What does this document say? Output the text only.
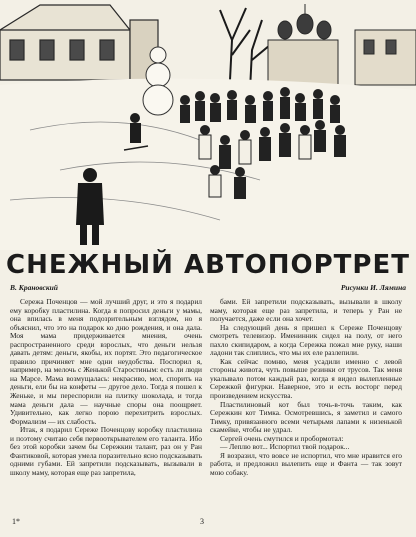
СНЕЖНЫЙ АВТОПОРТРЕТ
В. Крановский	Рисунки И. Лямина

Сережа Поченцов — мой лучший друг, и это я подарил ему коробку пластилина. Когда я попросил деньги у мамы, она впилась в меня подозрительным взглядом, но я объяснил, что это на подарок ко дню рождения, и она дала. Моя мама придерживается мнения, очень распространенного среди взрослых, что деньги нельзя давать детям: деньги, якобы, их портят. Это педагогическое правило причиняет мне одни неудобства. Поспорил я, например, на мелочь с Женькой Старостиным: есть ли люди на Марсе. Мама возмущалась: некрасиво, мол, спорить на деньги, ели бы на конфеты — другое дело. Тогда я пошел к Женьке, и мы переспорили на плитку шоколада, и тогда мама деньги дала — научные споры она поощряет. Удивительно, как легко порою перехитрить взрослых. Формализм — их слабость.

Итак, я подарил Сереже Поченцову коробку пластилина и поэтому считаю себя первооткрывателем его таланта. Ибо без этой коробки зачем бы Сережкин талант, раз он у Ран Фантиковой, которая умела поразительно ясно подсказывать одними губами. Ей запретили подсказывать, вызывали в школу маму, которая еще раз запретила,

бами. Ей запретили подсказывать, вызывали в школу маму, которая еще раз запретила, и теперь у Ран не получается, даже если она хочет.

На следующий день я пришел к Сереже Поченцову смотреть телевизор. Именинник сидел на полу, от него пахло скипидаром, а когда Сережка пожал мне руку, наши ладони так слиплись, что мы их еле разлепили.

Как сейчас помню, меня усадили именно с левой стороны живота, чуть повыше резинки от трусов. Так меня укалывало потом каждый раз, когда я видел вылепленные Сережкой фигурки. Наверное, это и есть восторг перед произведением искусства.

Пластилиновый кот был точь-в-точь таким, как Сережкин кот Тимка. Осмотревшись, я заметил и самого Тимку, привязанного всеми четырьмя лапами к низенькой скамейке, чтобы не удрал.

Сергей очень смутился и пробормотал:

— Леплю вот... Испортил твой подарок...

Я возразил, что вовсе не испортил, что мне нравится его работа, и предложил вылепить еще и Фанта — так зовут мою собаку.

1*	3
